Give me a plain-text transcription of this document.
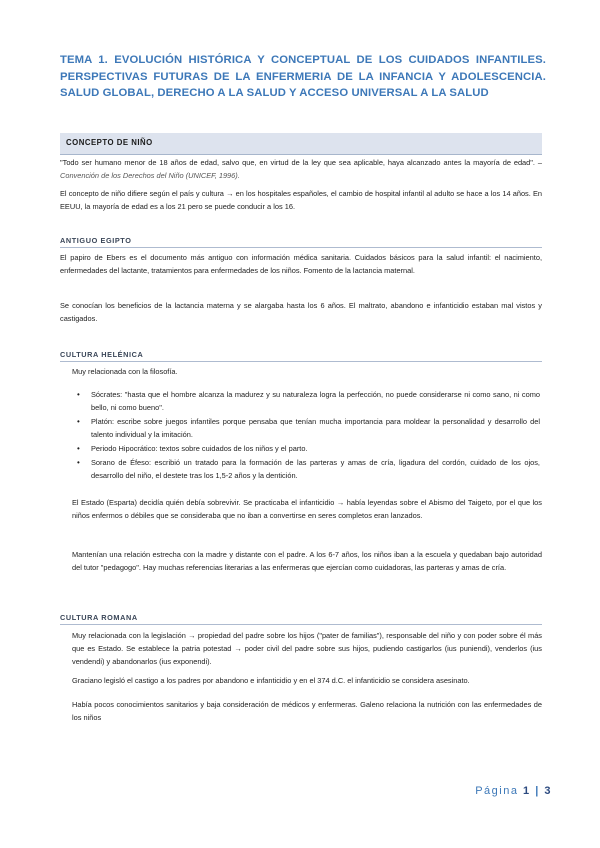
TEMA 1. EVOLUCIÓN HISTÓRICA Y CONCEPTUAL DE LOS CUIDADOS INFANTILES. PERSPECTIVAS FUTURAS DE LA ENFERMERIA DE LA INFANCIA Y ADOLESCENCIA. SALUD GLOBAL, DERECHO A LA SALUD Y ACCESO UNIVERSAL A LA SALUD
CONCEPTO DE NIÑO

"Todo ser humano menor de 18 años de edad, salvo que, en virtud de la ley que sea aplicable, haya alcanzado antes la mayoría de edad". – Convención de los Derechos del Niño (UNICEF, 1996).

El concepto de niño difiere según el país y cultura → en los hospitales españoles, el cambio de hospital infantil al adulto se hace a los 14 años. En EEUU, la mayoría de edad es a los 21 pero se puede conducir a los 16.

ANTIGUO EGIPTO

El papiro de Ebers es el documento más antiguo con información médica sanitaria. Cuidados básicos para la salud infantil: el nacimiento, enfermedades del lactante, tratamientos para enfermedades de los niños. Fomento de la lactancia maternal.

Se conocían los beneficios de la lactancia materna y se alargaba hasta los 6 años. El maltrato, abandono e infanticidio estaban mal vistos y castigados.

CULTURA HELÉNICA

Muy relacionada con la filosofía.

• Sócrates: "hasta que el hombre alcanza la madurez y su naturaleza logra la perfección, no puede considerarse ni como sano, ni como bello, ni como bueno".
• Platón: escribe sobre juegos infantiles porque pensaba que tenían mucha importancia para moldear la personalidad y desarrollo del talento individual y la imitación.
• Periodo Hipocrático: textos sobre cuidados de los niños y el parto.
• Sorano de Éfeso: escribió un tratado para la formación de las parteras y amas de cría, ligadura del cordón, cuidado de los ojos, desarrollo del niño, el destete tras los 1,5-2 años y la dentición.

El Estado (Esparta) decidía quién debía sobrevivir. Se practicaba el infanticidio → había leyendas sobre el Abismo del Taigeto, por el que los niños enfermos o débiles que se consideraba que no iban a convertirse en seres completos eran lanzados.

Mantenían una relación estrecha con la madre y distante con el padre. A los 6-7 años, los niños iban a la escuela y quedaban bajo autoridad del tutor "pedagogo". Hay muchas referencias literarias a las enfermeras que ejercían como cuidadoras, las parteras y amas de cría.

CULTURA ROMANA

Muy relacionada con la legislación → propiedad del padre sobre los hijos ("pater de familias"), responsable del niño y con poder sobre él más que es Estado. Se establece la patria potestad → poder civil del padre sobre sus hijos, pudiendo castigarlos (ius puniendi), venderlos (ius vendendi) y abandonarlos (ius exponendi).

Graciano legisló el castigo a los padres por abandono e infanticidio y en el 374 d.C. el infanticidio se considera asesinato.

Había pocos conocimientos sanitarios y baja consideración de médicos y enfermeras. Galeno relaciona la nutrición con las enfermedades de los niños

Página 1 | 3
